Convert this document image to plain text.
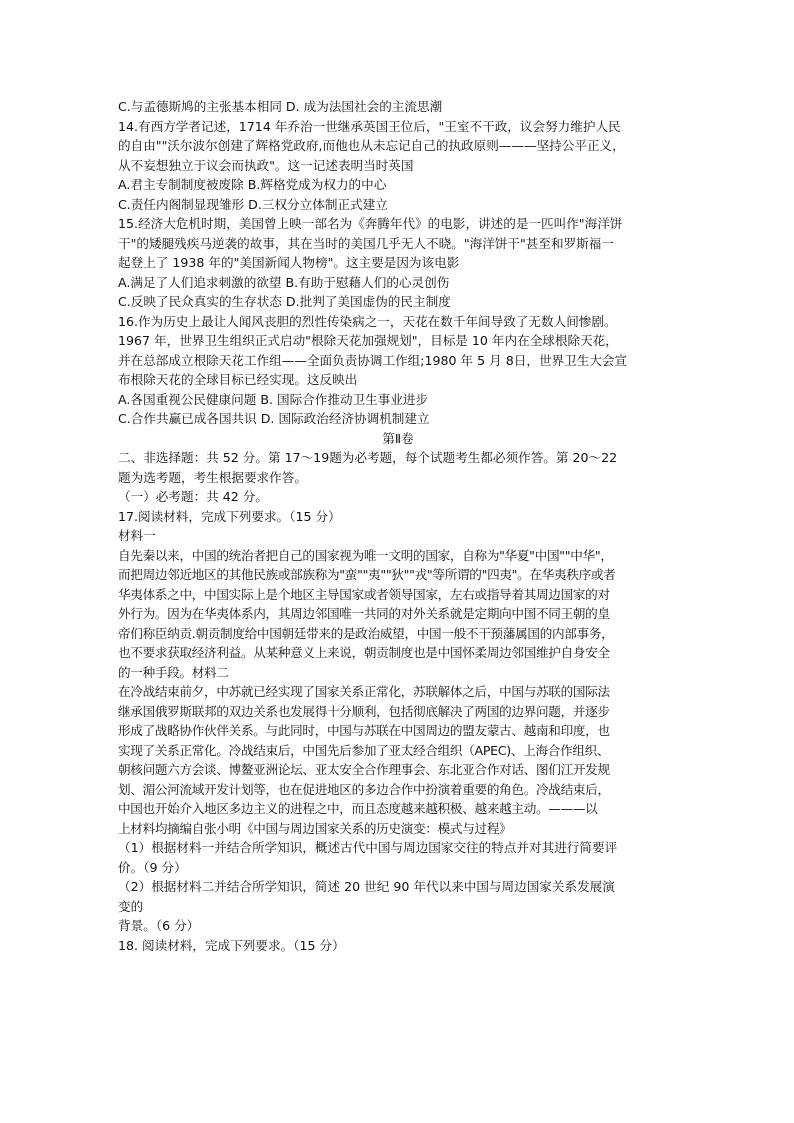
C.与孟德斯鸠的主张基本相同 D. 成为法国社会的主流思潮
14.有西方学者记述，1714 年乔治一世继承英国王位后，"王室不干政，议会努力维护人民
的自由""沃尔波尔创建了辉格党政府,而他也从未忘记自己的执政原则———坚持公平正义，
从不妄想独立于议会而执政"。这一记述表明当时英国
A.君主专制制度被废除 B.辉格党成为权力的中心
C.责任内阁制显现雏形 D.三权分立体制正式建立
15.经济大危机时期，美国曾上映一部名为《奔腾年代》的电影，讲述的是一匹叫作"海洋饼
干"的矮腿残疾马逆袭的故事，其在当时的美国几乎无人不晓。"海洋饼干"甚至和罗斯福一
起登上了 1938 年的"美国新闻人物榜"。这主要是因为该电影
A.满足了人们追求刺激的欲望 B.有助于慰藉人们的心灵创伤
C.反映了民众真实的生存状态 D.批判了美国虚伪的民主制度
16.作为历史上最让人闻风丧胆的烈性传染病之一，天花在数千年间导致了无数人间惨剧。
1967 年，世界卫生组织正式启动"根除天花加强规划"，目标是 10 年内在全球根除天花，
并在总部成立根除天花工作组——全面负责协调工作组;1980 年 5 月 8日，世界卫生大会宣
布根除天花的全球目标已经实现。这反映出
A.各国重视公民健康问题 B. 国际合作推动卫生事业进步
C.合作共赢已成各国共识 D. 国际政治经济协调机制建立
第Ⅱ卷
二、非选择题：共 52 分。第 17～19题为必考题，每个试题考生都必须作答。第 20～22
题为选考题，考生根据要求作答。
（一）必考题：共 42 分。
17.阅读材料，完成下列要求。（15 分）
材料一
自先秦以来，中国的统治者把自己的国家视为唯一文明的国家，自称为"华夏"中国""中华"，
而把周边邻近地区的其他民族或部族称为"蛮""夷""狄""戎"等所谓的"四夷"。在华夷秩序或者
华夷体系之中，中国实际上是个地区主导国家或者领导国家，左右或指导着其周边国家的对
外行为。因为在华夷体系内，其周边邻国唯一共同的对外关系就是定期向中国不同王朝的皇
帝们称臣纳贡.朝贡制度给中国朝廷带来的是政治威望，中国一般不干预藩属国的内部事务，
也不要求获取经济利益。从某种意义上来说，朝贡制度也是中国怀柔周边邻国维护自身安全
的一种手段。材料二
在冷战结束前夕，中苏就已经实现了国家关系正常化，苏联解体之后，中国与苏联的国际法
继承国俄罗斯联邦的双边关系也发展得十分顺利，包括彻底解决了两国的边界问题，并逐步
形成了战略协作伙伴关系。与此同时，中国与苏联在中国周边的盟友蒙古、越南和印度，也
实现了关系正常化。冷战结束后，中国先后参加了亚太经合组织（APEC)、上海合作组织、
朝核问题六方会谈、博鳌亚洲论坛、亚太安全合作理事会、东北亚合作对话、图们江开发规
划、湄公河流域开发计划等，也在促进地区的多边合作中扮演着重要的角色。冷战结束后，
中国也开始介入地区多边主义的进程之中，而且态度越来越积极、越来越主动。———以
上材料均摘编自张小明《中国与周边国家关系的历史演变：模式与过程》
（1）根据材料一并结合所学知识，概述古代中国与周边国家交往的特点并对其进行简要评
价。（9 分）
（2）根据材料二并结合所学知识，简述 20 世纪 90 年代以来中国与周边国家关系发展演
变的
背景。（6 分）
18. 阅读材料，完成下列要求。（15 分）
